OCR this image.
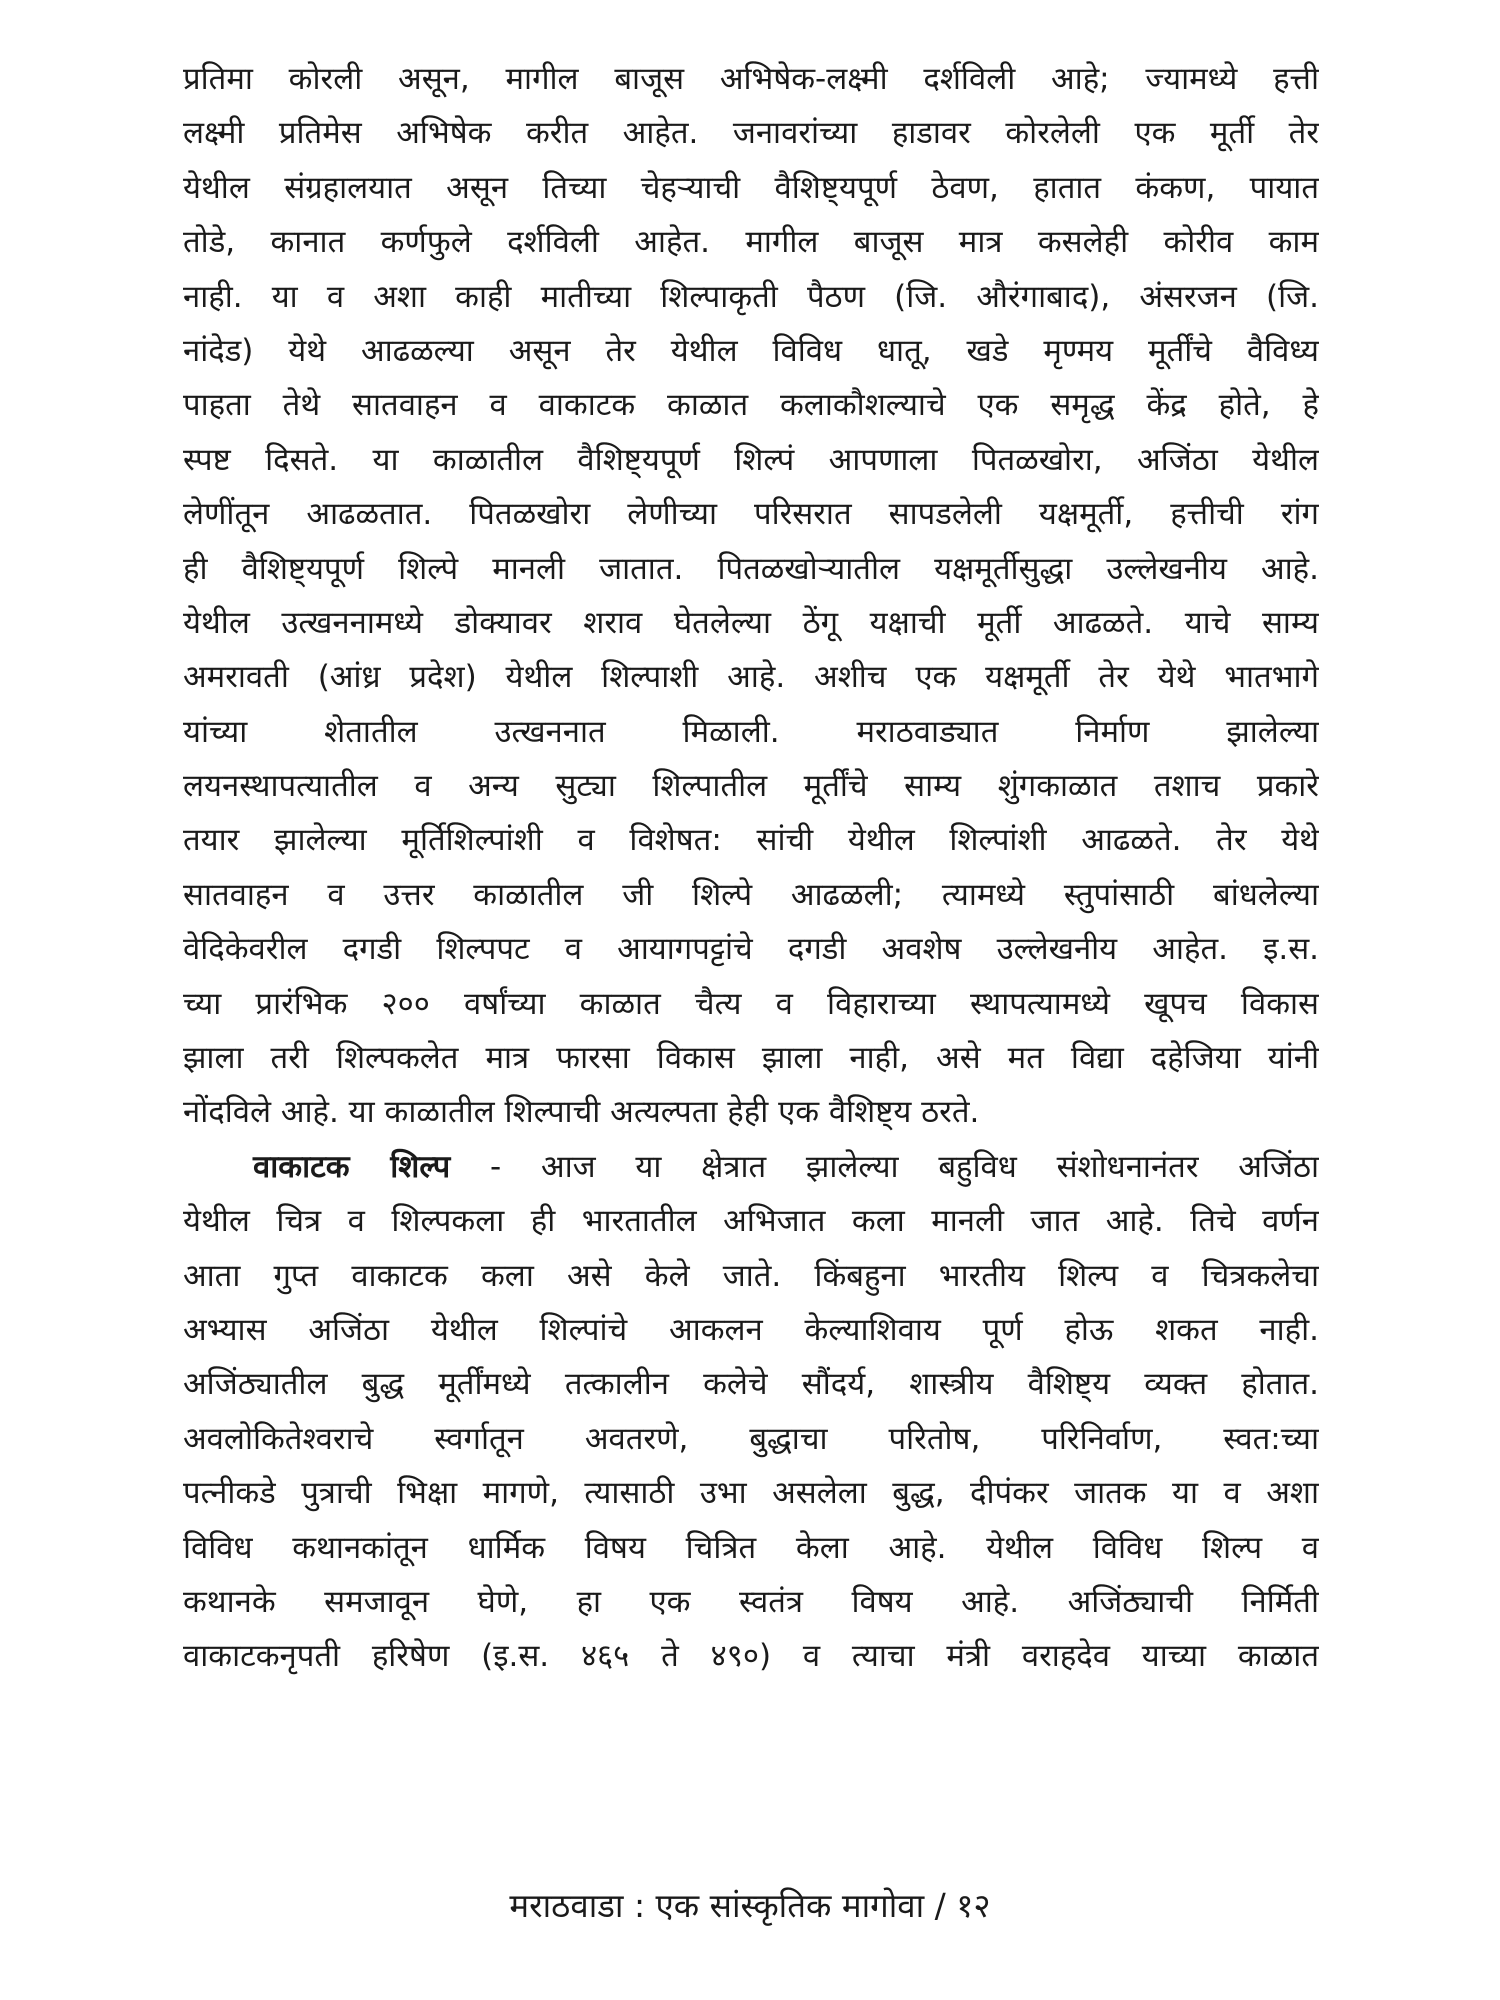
प्रतिमा कोरली असून, मागील बाजूस अभिषेक-लक्ष्मी दर्शविली आहे; ज्यामध्ये हत्ती
लक्ष्मी प्रतिमेस अभिषेक करीत आहेत. जनावरांच्या हाडावर कोरलेली एक मूर्ती तेर
येथील संग्रहालयात असून तिच्या चेहऱ्याची वैशिष्ट्यपूर्ण ठेवण, हातात कंकण, पायात
तोडे, कानात कर्णफुले दर्शविली आहेत. मागील बाजूस मात्र कसलेही कोरीव काम
नाही. या व अशा काही मातीच्या शिल्पाकृती पैठण (जि. औरंगाबाद), अंसरजन (जि.
नांदेड) येथे आढळल्या असून तेर येथील विविध धातू, खडे मृण्मय मूर्तींचे वैविध्य
पाहता तेथे सातवाहन व वाकाटक काळात कलाकौशल्याचे एक समृद्ध केंद्र होते, हे
स्पष्ट दिसते. या काळातील वैशिष्ट्यपूर्ण शिल्पं आपणाला पितळखोरा, अजिंठा येथील
लेणींतून आढळतात. पितळखोरा लेणीच्या परिसरात सापडलेली यक्षमूर्ती, हत्तीची रांग
ही वैशिष्ट्यपूर्ण शिल्पे मानली जातात. पितळखोऱ्यातील यक्षमूर्तीसुद्धा उल्लेखनीय आहे.
येथील उत्खननामध्ये डोक्यावर शराव घेतलेल्या ठेंगू यक्षाची मूर्ती आढळते. याचे साम्य
अमरावती (आंध्र प्रदेश) येथील शिल्पाशी आहे. अशीच एक यक्षमूर्ती तेर येथे भातभागे
यांच्या शेतातील उत्खननात मिळाली. मराठवाड्यात निर्माण झालेल्या
लयनस्थापत्यातील व अन्य सुट्या शिल्पातील मूर्तींचे साम्य शुंगकाळात तशाच प्रकारे
तयार झालेल्या मूर्तिशिल्पांशी व विशेषत: सांची येथील शिल्पांशी आढळते. तेर येथे
सातवाहन व उत्तर काळातील जी शिल्पे आढळली; त्यामध्ये स्तुपांसाठी बांधलेल्या
वेदिकेवरील दगडी शिल्पपट व आयागपट्टांचे दगडी अवशेष उल्लेखनीय आहेत. इ.स.
च्या प्रारंभिक २०० वर्षांच्या काळात चैत्य व विहाराच्या स्थापत्यामध्ये खूपच विकास
झाला तरी शिल्पकलेत मात्र फारसा विकास झाला नाही, असे मत विद्या दहेजिया यांनी
नोंदविले आहे. या काळातील शिल्पाची अत्यल्पता हेही एक वैशिष्ट्य ठरते.
वाकाटक शिल्प - आज या क्षेत्रात झालेल्या बहुविध संशोधनानंतर अजिंठा
येथील चित्र व शिल्पकला ही भारतातील अभिजात कला मानली जात आहे. तिचे वर्णन
आता गुप्त वाकाटक कला असे केले जाते. किंबहुना भारतीय शिल्प व चित्रकलेचा
अभ्यास अजिंठा येथील शिल्पांचे आकलन केल्याशिवाय पूर्ण होऊ शकत नाही.
अजिंठ्यातील बुद्ध मूर्तींमध्ये तत्कालीन कलेचे सौंदर्य, शास्त्रीय वैशिष्ट्य व्यक्त होतात.
अवलोकितेश्वराचे स्वर्गातून अवतरणे, बुद्धाचा परितोष, परिनिर्वाण, स्वत:च्या
पत्नीकडे पुत्राची भिक्षा मागणे, त्यासाठी उभा असलेला बुद्ध, दीपंकर जातक या व अशा
विविध कथानकांतून धार्मिक विषय चित्रित केला आहे. येथील विविध शिल्प व
कथानके समजावून घेणे, हा एक स्वतंत्र विषय आहे. अजिंठ्याची निर्मिती
वाकाटकनृपती हरिषेण (इ.स. ४६५ ते ४९०) व त्याचा मंत्री वराहदेव याच्या काळात
मराठवाडा : एक सांस्कृतिक मागोवा / १२
